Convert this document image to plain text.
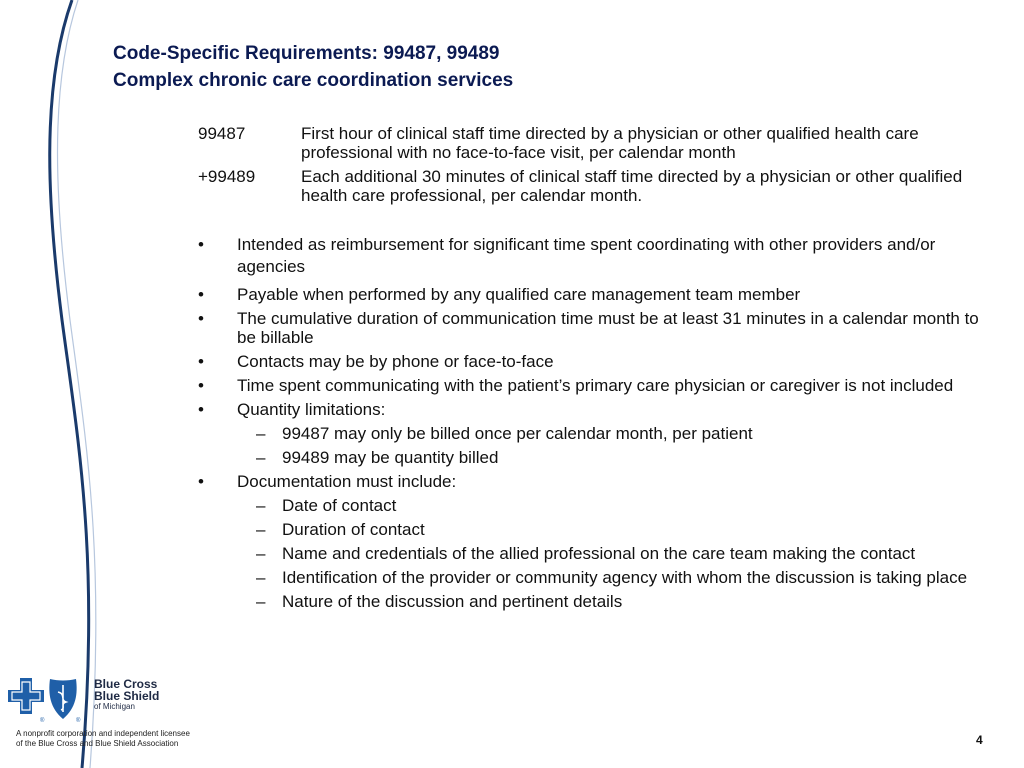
Code-Specific Requirements: 99487, 99489
Complex chronic care coordination services
99487	First hour of clinical staff time directed by a physician or other qualified health care professional with no face-to-face visit, per calendar month
+99489	Each additional 30 minutes of clinical staff time directed by a physician or other qualified health care professional, per calendar month.
•	Intended as reimbursement for significant time spent coordinating with other providers and/or agencies
•	Payable when performed by any qualified care management team member
•	The cumulative duration of communication time must be at least 31 minutes in a calendar month to be billable
•	Contacts may be by phone or face-to-face
•	Time spent communicating with the patient’s primary care physician or caregiver is not included
•	Quantity limitations:
– 99487 may only be billed once per calendar month, per patient
– 99489 may be quantity billed
•	Documentation must include:
– Date of contact
– Duration of contact
– Name and credentials of the allied professional on the care team making the contact
– Identification of the provider or community agency with whom the discussion is taking place
– Nature of the discussion and pertinent details
®	®
Blue Cross
Blue Shield
of Michigan
A nonprofit corporation and independent licensee
of the Blue Cross and Blue Shield Association	4
